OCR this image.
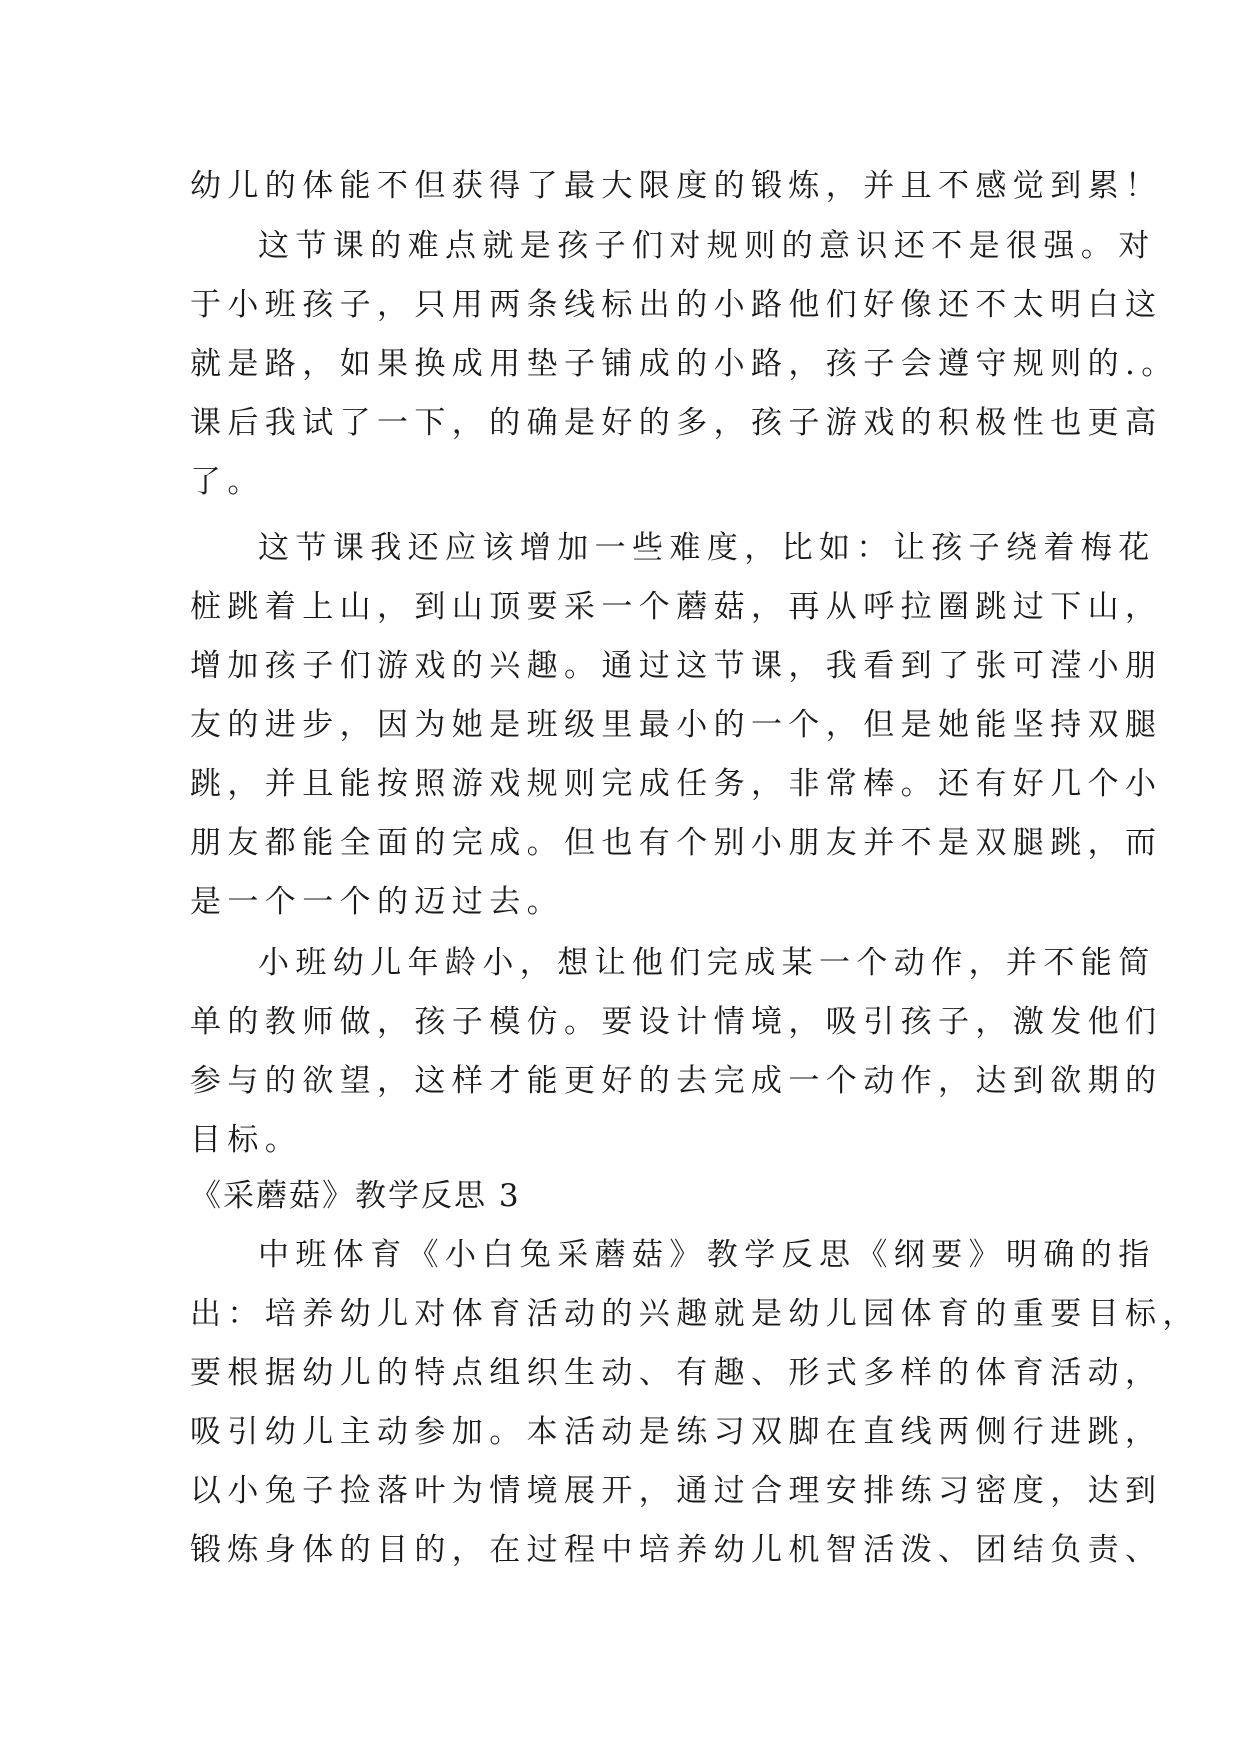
幼儿的体能不但获得了最大限度的锻炼，并且不感觉到累！
这节课的难点就是孩子们对规则的意识还不是很强。对
于小班孩子，只用两条线标出的小路他们好像还不太明白这
就是路，如果换成用垫子铺成的小路，孩子会遵守规则的.。
课后我试了一下，的确是好的多，孩子游戏的积极性也更高
了。
这节课我还应该增加一些难度，比如：让孩子绕着梅花
桩跳着上山，到山顶要采一个蘑菇，再从呼拉圈跳过下山，
增加孩子们游戏的兴趣。通过这节课，我看到了张可滢小朋
友的进步，因为她是班级里最小的一个，但是她能坚持双腿
跳，并且能按照游戏规则完成任务，非常棒。还有好几个小
朋友都能全面的完成。但也有个别小朋友并不是双腿跳，而
是一个一个的迈过去。
小班幼儿年龄小，想让他们完成某一个动作，并不能简
单的教师做，孩子模仿。要设计情境，吸引孩子，激发他们
参与的欲望，这样才能更好的去完成一个动作，达到欲期的
目标。
《采蘑菇》教学反思 3
中班体育《小白兔采蘑菇》教学反思《纲要》明确的指
出：培养幼儿对体育活动的兴趣就是幼儿园体育的重要目标，
要根据幼儿的特点组织生动、有趣、形式多样的体育活动，
吸引幼儿主动参加。本活动是练习双脚在直线两侧行进跳，
以小兔子捡落叶为情境展开，通过合理安排练习密度，达到
锻炼身体的目的，在过程中培养幼儿机智活泼、团结负责、
